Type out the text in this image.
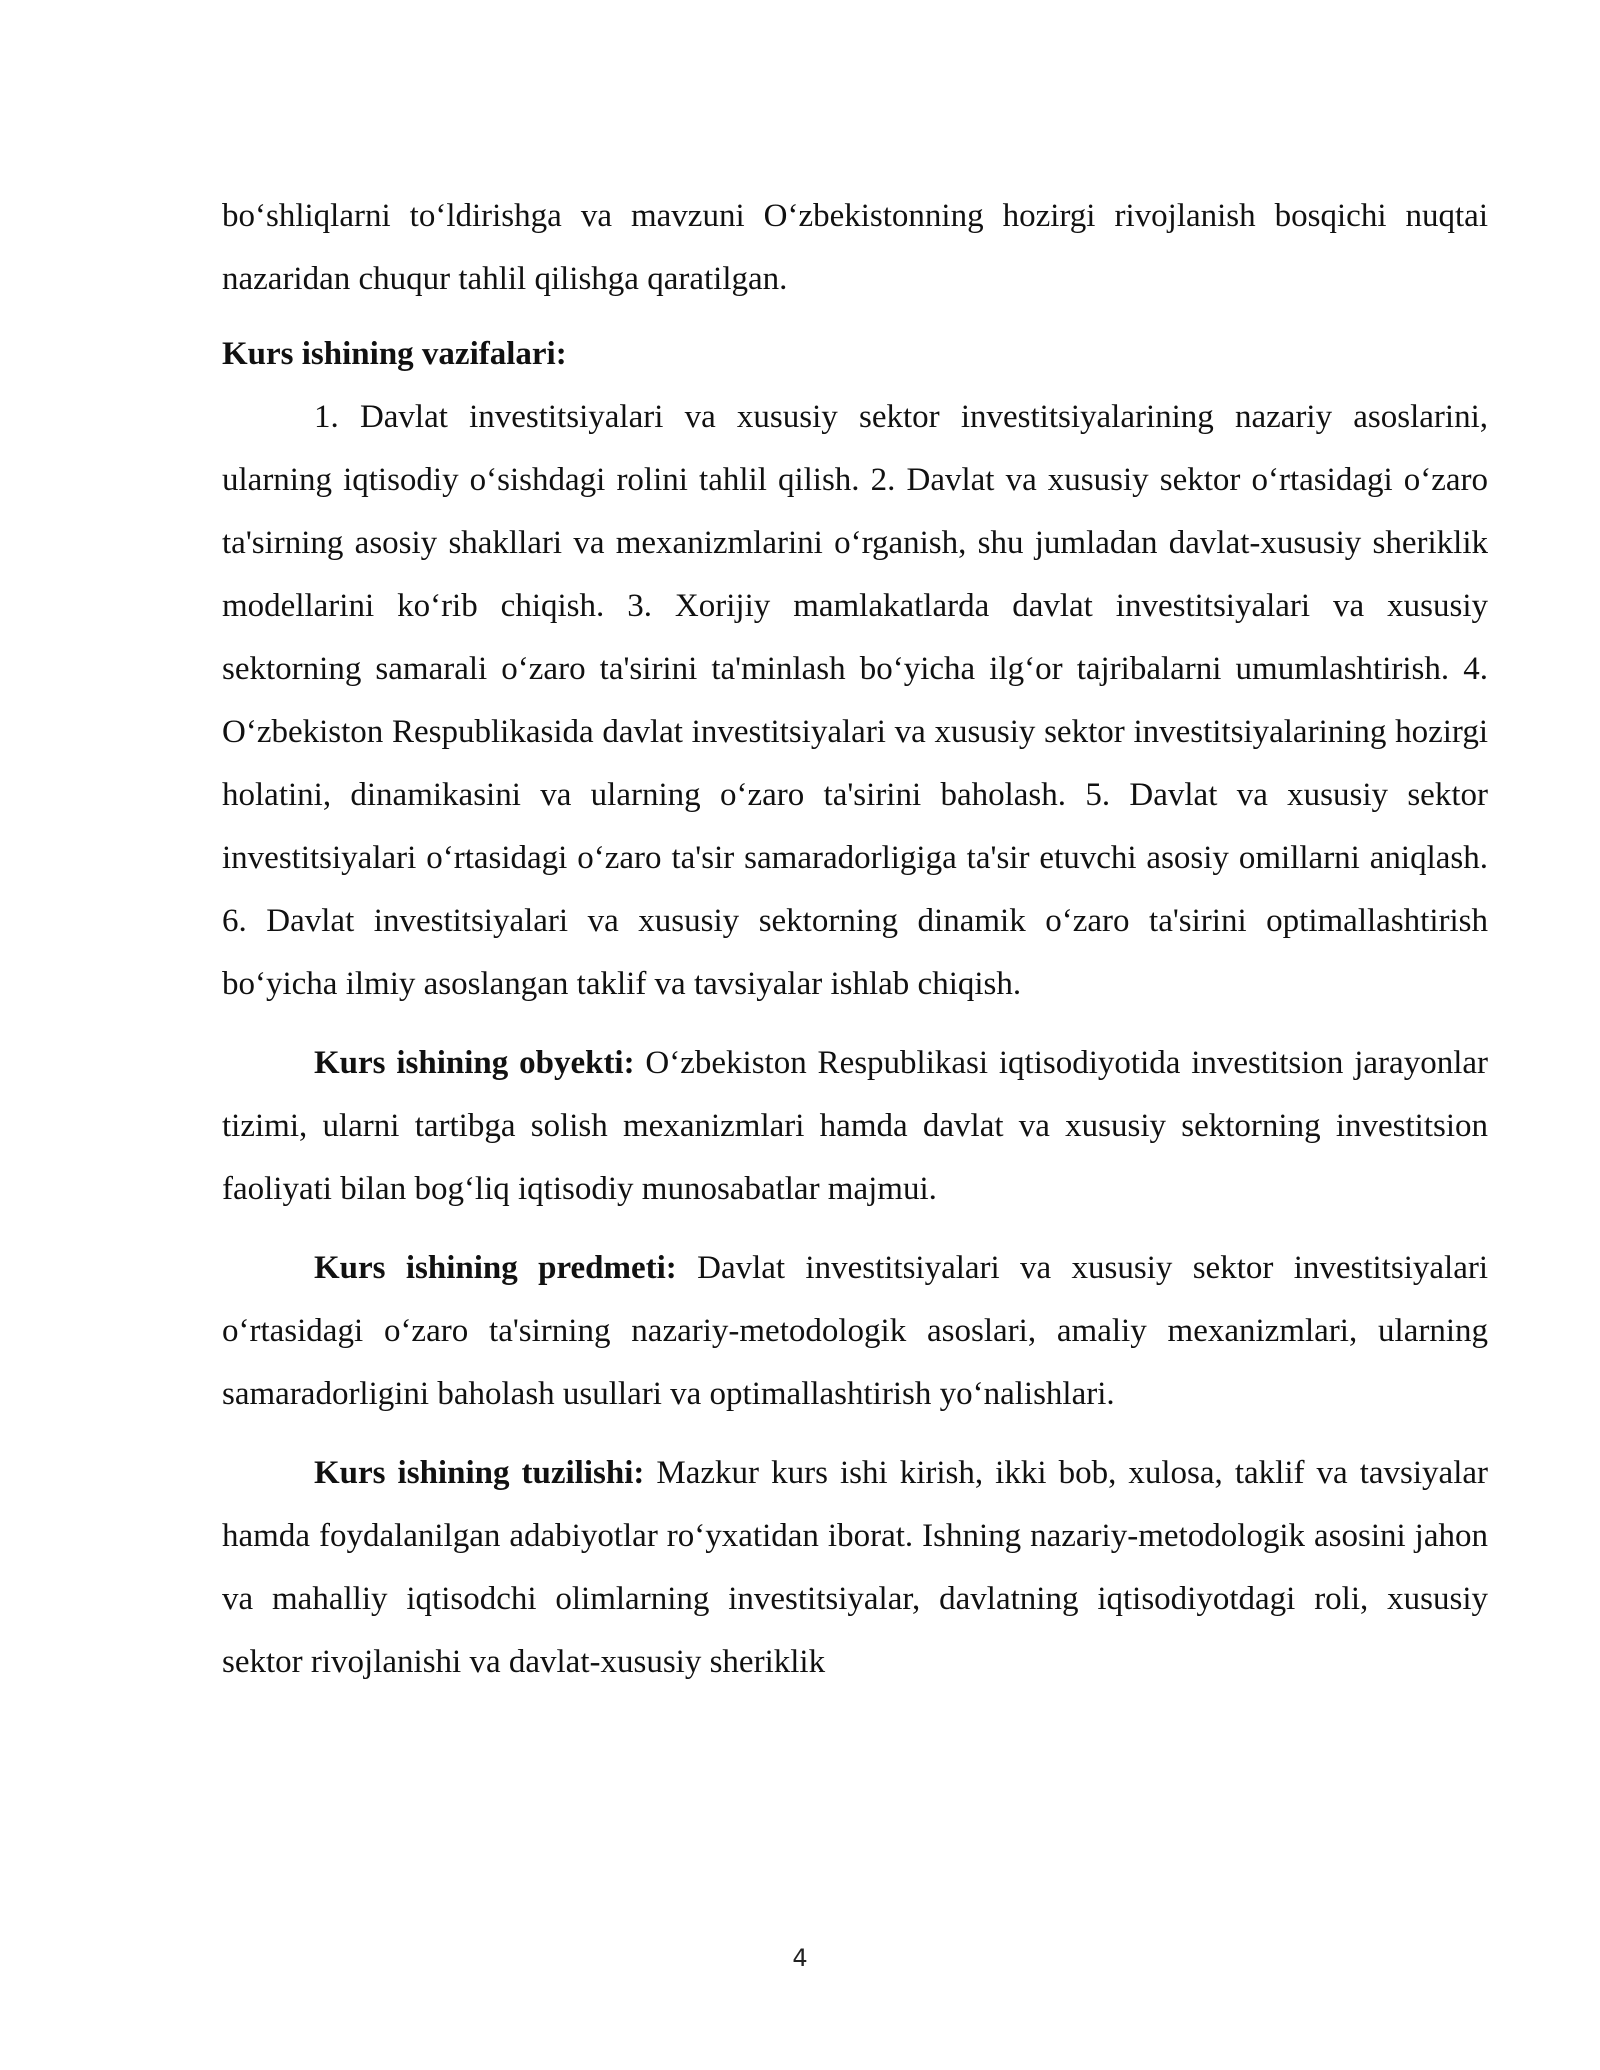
bo‘shliqlarni to‘ldirishga va mavzuni O‘zbekistonning hozirgi rivojlanish bosqichi nuqtai nazaridan chuqur tahlil qilishga qaratilgan.

Kurs ishining vazifalari:

1. Davlat investitsiyalari va xususiy sektor investitsiyalarining nazariy asoslarini, ularning iqtisodiy o‘sishdagi rolini tahlil qilish. 2. Davlat va xususiy sektor o‘rtasidagi o‘zaro ta'sirning asosiy shakllari va mexanizmlarini o‘rganish, shu jumladan davlat-xususiy sheriklik modellarini ko‘rib chiqish. 3. Xorijiy mamlakatlarda davlat investitsiyalari va xususiy sektorning samarali o‘zaro ta'sirini ta'minlash bo‘yicha ilg‘or tajribalarni umumlashtirish. 4. O‘zbekiston Respublikasida davlat investitsiyalari va xususiy sektor investitsiyalarining hozirgi holatini, dinamikasini va ularning o‘zaro ta'sirini baholash. 5. Davlat va xususiy sektor investitsiyalari o‘rtasidagi o‘zaro ta'sir samaradorligiga ta'sir etuvchi asosiy omillarni aniqlash. 6. Davlat investitsiyalari va xususiy sektorning dinamik o‘zaro ta'sirini optimallashtirish bo‘yicha ilmiy asoslangan taklif va tavsiyalar ishlab chiqish.

Kurs ishining obyekti: O‘zbekiston Respublikasi iqtisodiyotida investitsion jarayonlar tizimi, ularni tartibga solish mexanizmlari hamda davlat va xususiy sektorning investitsion faoliyati bilan bog‘liq iqtisodiy munosabatlar majmui.

Kurs ishining predmeti: Davlat investitsiyalari va xususiy sektor investitsiyalari o‘rtasidagi o‘zaro ta'sirning nazariy-metodologik asoslari, amaliy mexanizmlari, ularning samaradorligini baholash usullari va optimallashtirish yo‘nalishlari.

Kurs ishining tuzilishi: Mazkur kurs ishi kirish, ikki bob, xulosa, taklif va tavsiyalar hamda foydalanilgan adabiyotlar ro‘yxatidan iborat. Ishning nazariy-metodologik asosini jahon va mahalliy iqtisodchi olimlarning investitsiyalar, davlatning iqtisodiyotdagi roli, xususiy sektor rivojlanishi va davlat-xususiy sheriklik

4
